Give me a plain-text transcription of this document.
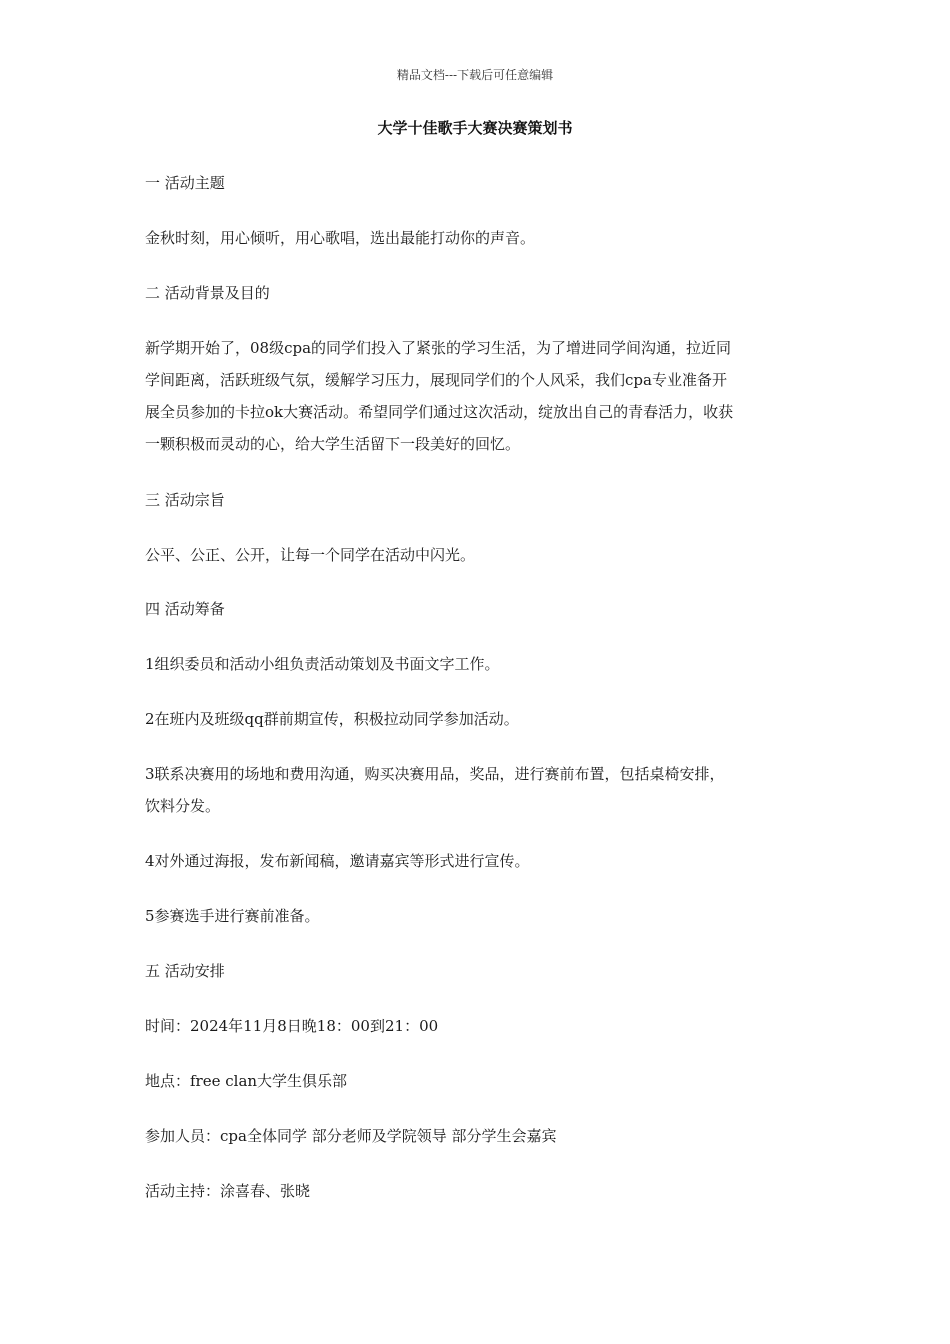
精品文档---下载后可任意编辑
大学十佳歌手大赛决赛策划书
一 活动主题
金秋时刻，用心倾听，用心歌唱，选出最能打动你的声音。
二 活动背景及目的
新学期开始了，08级cpa的同学们投入了紧张的学习生活，为了增进同学间沟通，拉近同
学间距离，活跃班级气氛，缓解学习压力，展现同学们的个人风采，我们cpa专业准备开
展全员参加的卡拉ok大赛活动。希望同学们通过这次活动，绽放出自己的青春活力，收获
一颗积极而灵动的心，给大学生活留下一段美好的回忆。
三 活动宗旨
公平、公正、公开，让每一个同学在活动中闪光。
四 活动筹备
1组织委员和活动小组负责活动策划及书面文字工作。
2在班内及班级qq群前期宣传，积极拉动同学参加活动。
3联系决赛用的场地和费用沟通，购买决赛用品，奖品，进行赛前布置，包括桌椅安排，
饮料分发。
4对外通过海报，发布新闻稿，邀请嘉宾等形式进行宣传。
5参赛选手进行赛前准备。
五 活动安排
时间：2024年11月8日晚18：00到21：00
地点：free clan大学生俱乐部
参加人员：cpa全体同学 部分老师及学院领导 部分学生会嘉宾
活动主持：涂喜春、张晓
